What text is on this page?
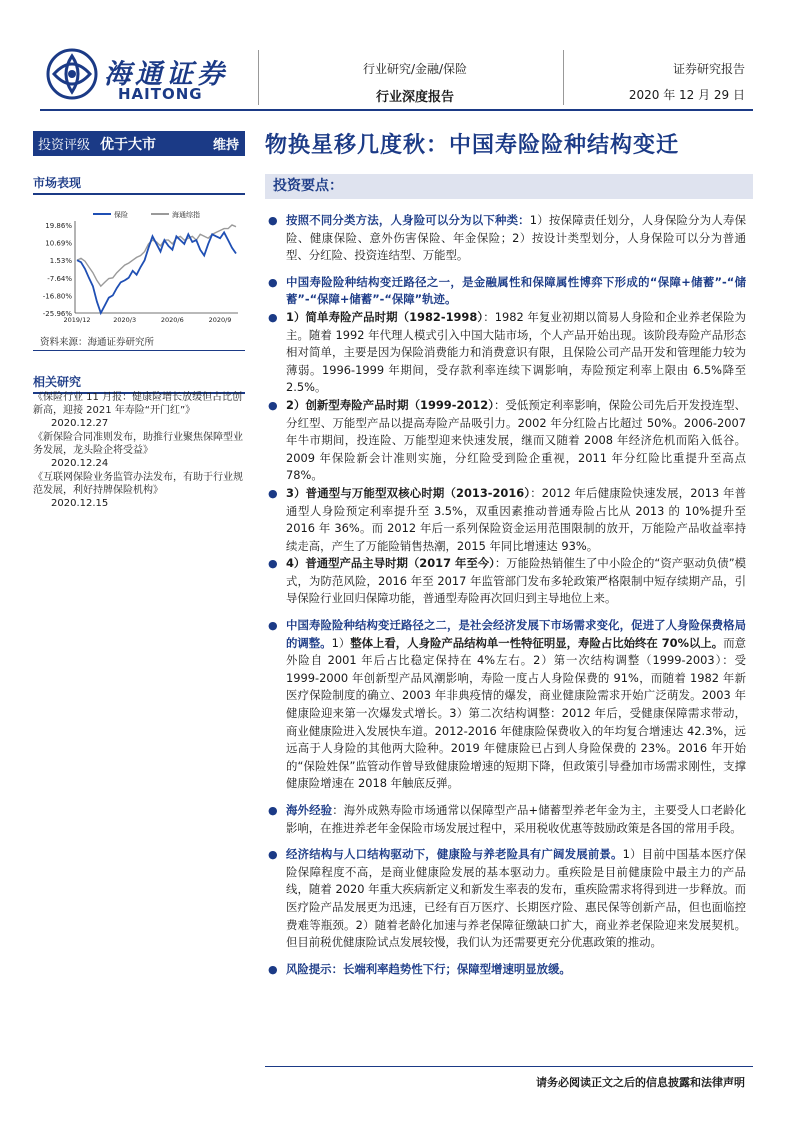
海通证券
HAITONG
行业研究/金融/保险
行业深度报告
证券研究报告
2020 年 12 月 29 日
投资评级 优于大市	维持 物换星移几度秋：中国寿险险种结构变迁
市场表现
19.86%
10.69%
1.53%
-7.64%
-16.80%
-25.96%
2019/12	2020/3	2020/6	2020/9
保险	海通综指
资料来源：海通证券研究所
相关研究
《保险行业 11 月报：健康险增长放缓但占比创新高，迎接 2021 年寿险“开门红”》
2020.12.27
《新保险合同准则发布，助推行业聚焦保障型业务发展，龙头险企将受益》
2020.12.24
《互联网保险业务监管办法发布，有助于行业规范发展，利好持牌保险机构》
2020.12.15
投资要点：
● 按照不同分类方法，人身险可以分为以下种类：1）按保障责任划分，人身保险分为人寿保险、健康保险、意外伤害保险、年金保险；2）按设计类型划分，人身保险可以分为普通型、分红险、投资连结型、万能型。
● 中国寿险险种结构变迁路径之一，是金融属性和保障属性博弈下形成的“保障+储蓄”-“储蓄”-“保障+储蓄”-“保障”轨迹。
● 1）简单寿险产品时期（1982-1998）：1982 年复业初期以简易人身险和企业养老保险为主。随着 1992 年代理人模式引入中国大陆市场，个人产品开始出现。该阶段寿险产品形态相对简单，主要是因为保险消费能力和消费意识有限，且保险公司产品开发和管理能力较为薄弱。1996-1999 年期间，受存款利率连续下调影响，寿险预定利率上限由 6.5%降至 2.5%。
● 2）创新型寿险产品时期（1999-2012）：受低预定利率影响，保险公司先后开发投连型、分红型、万能型产品以提高寿险产品吸引力。2002 年分红险占比超过 50%。2006-2007 年牛市期间，投连险、万能型迎来快速发展，继而又随着 2008 年经济危机而陷入低谷。2009 年保险新会计准则实施，分红险受到险企重视，2011 年分红险比重提升至高点 78%。
● 3）普通型与万能型双核心时期（2013-2016）：2012 年后健康险快速发展，2013 年普通型人身险预定利率提升至 3.5%，双重因素推动普通寿险占比从 2013 的 10%提升至 2016 年 36%。而 2012 年后一系列保险资金运用范围限制的放开，万能险产品收益率持续走高，产生了万能险销售热潮，2015 年同比增速达 93%。
● 4）普通型产品主导时期（2017 年至今）：万能险热销催生了中小险企的“资产驱动负债”模式，为防范风险，2016 年至 2017 年监管部门发布多轮政策严格限制中短存续期产品，引导保险行业回归保障功能，普通型寿险再次回归到主导地位上来。
● 中国寿险险种结构变迁路径之二，是社会经济发展下市场需求变化，促进了人身险保费格局的调整。1）整体上看，人身险产品结构单一性特征明显，寿险占比始终在 70%以上。而意外险自 2001 年后占比稳定保持在 4%左右。2）第一次结构调整（1999-2003）：受 1999-2000 年创新型产品风潮影响，寿险一度占人身险保费的 91%，而随着 1982 年新医疗保险制度的确立、2003 年非典疫情的爆发，商业健康险需求开始广泛萌发。2003 年健康险迎来第一次爆发式增长。3）第二次结构调整：2012 年后，受健康保障需求带动，商业健康险进入发展快车道。2012-2016 年健康险保费收入的年均复合增速达 42.3%，远远高于人身险的其他两大险种。2019 年健康险已占到人身险保费的 23%。2016 年开始的“保险姓保”监管动作曾导致健康险增速的短期下降，但政策引导叠加市场需求刚性，支撑健康险增速在 2018 年触底反弹。
● 海外经验：海外成熟寿险市场通常以保障型产品+储蓄型养老年金为主，主要受人口老龄化影响，在推进养老年金保险市场发展过程中，采用税收优惠等鼓励政策是各国的常用手段。
● 经济结构与人口结构驱动下，健康险与养老险具有广阔发展前景。1）目前中国基本医疗保险保障程度不高，是商业健康险发展的基本驱动力。重疾险是目前健康险中最主力的产品线，随着 2020 年重大疾病新定义和新发生率表的发布，重疾险需求将得到进一步释放。而医疗险产品发展更为迅速，已经有百万医疗、长期医疗险、惠民保等创新产品，但也面临控费难等瓶颈。2）随着老龄化加速与养老保障征缴缺口扩大，商业养老保险迎来发展契机。但目前税优健康险试点发展较慢，我们认为还需要更充分优惠政策的推动。
● 风险提示：长端利率趋势性下行；保障型增速明显放缓。
请务必阅读正文之后的信息披露和法律声明
